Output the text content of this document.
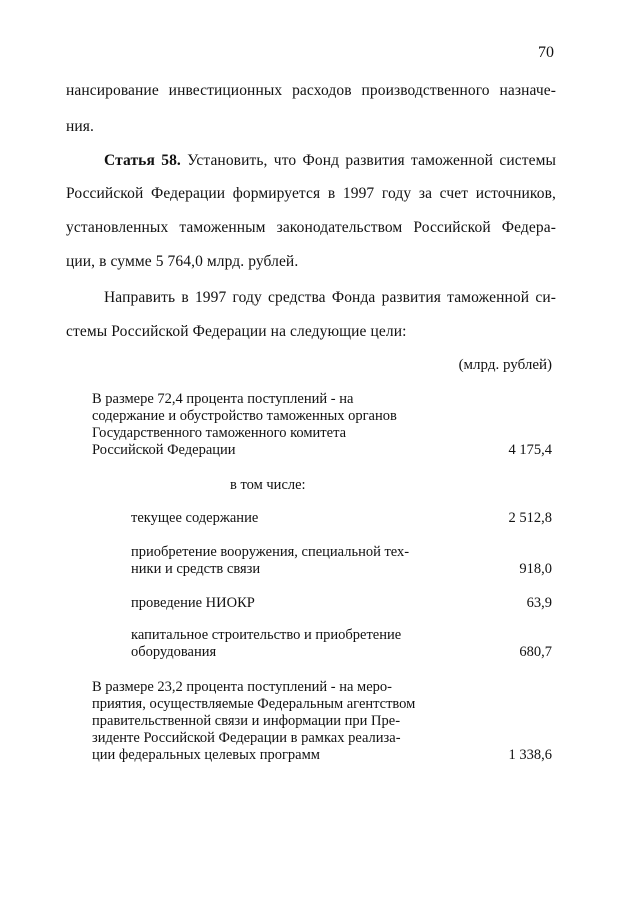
70
нансирование инвестиционных расходов производственного назначе-
ния.
Статья 58. Установить, что Фонд развития таможенной системы
Российской Федерации формируется в 1997 году за счет источников,
установленных таможенным законодательством Российской Федера-
ции, в сумме 5 764,0 млрд. рублей.
Направить в 1997 году средства Фонда развития таможенной си-
стемы Российской Федерации на следующие цели:
(млрд. рублей)
В размере 72,4 процента поступлений - на
содержание и обустройство таможенных органов
Государственного таможенного комитета
Российской Федерации	4 175,4
в том числе:
текущее содержание	2 512,8
приобретение вооружения, специальной тех-
ники и средств связи	918,0
проведение НИОКР	63,9
капитальное строительство и приобретение
оборудования	680,7
В размере 23,2 процента поступлений - на меро-
приятия, осуществляемые Федеральным агентством
правительственной связи и информации при Пре-
зиденте Российской Федерации в рамках реализа-
ции федеральных целевых программ	1 338,6
